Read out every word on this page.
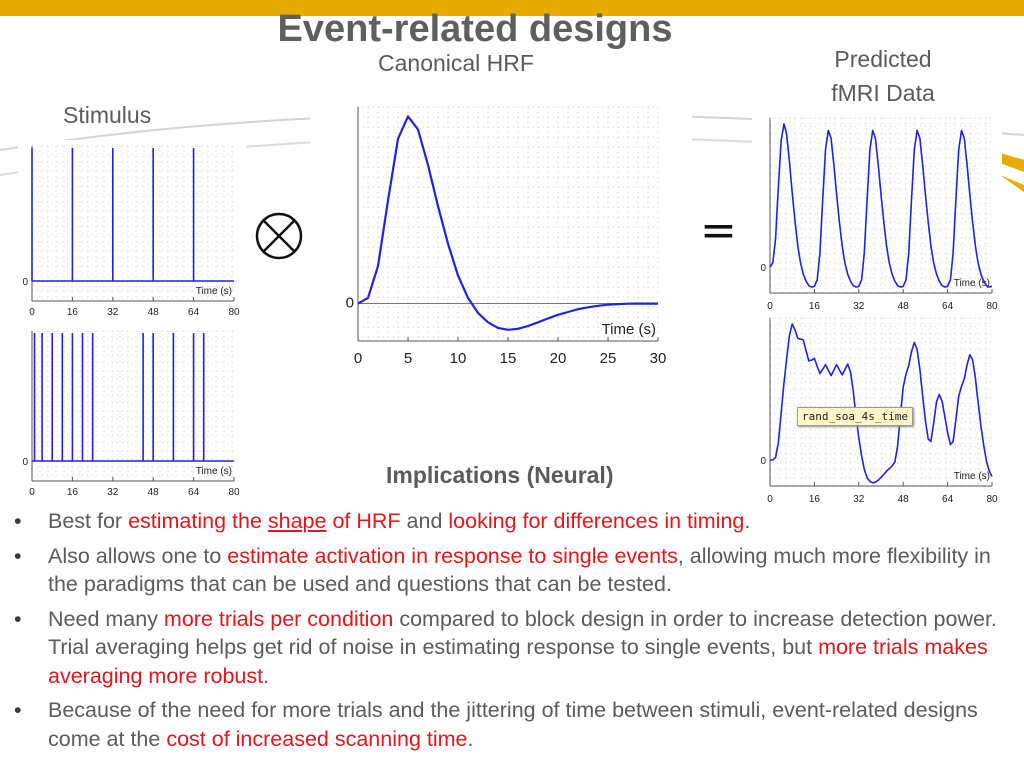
Event-related designs
Canonical HRF
Stimulus
Predicted
fMRI Data
0	16	32	48	64	80
0
Time (s)
0	16	32	48	64	80
0
Time (s)
0	5 10 15 20 25 30
0
Time (s)
=
0	16	32	48	64	80
0
Time (s)
0	16	32	48	64	80
0
Time (s)
rand_soa_4s_time
Implications (Neural)
• Best for estimating the shape of HRF and looking for differences in timing.
• Also allows one to estimate activation in response to single events, allowing much more flexibility in the paradigms that can be used and questions that can be tested.
• Need many more trials per condition compared to block design in order to increase detection power. Trial averaging helps get rid of noise in estimating response to single events, but more trials makes averaging more robust.
• Because of the need for more trials and the jittering of time between stimuli, event-related designs come at the cost of increased scanning time.
